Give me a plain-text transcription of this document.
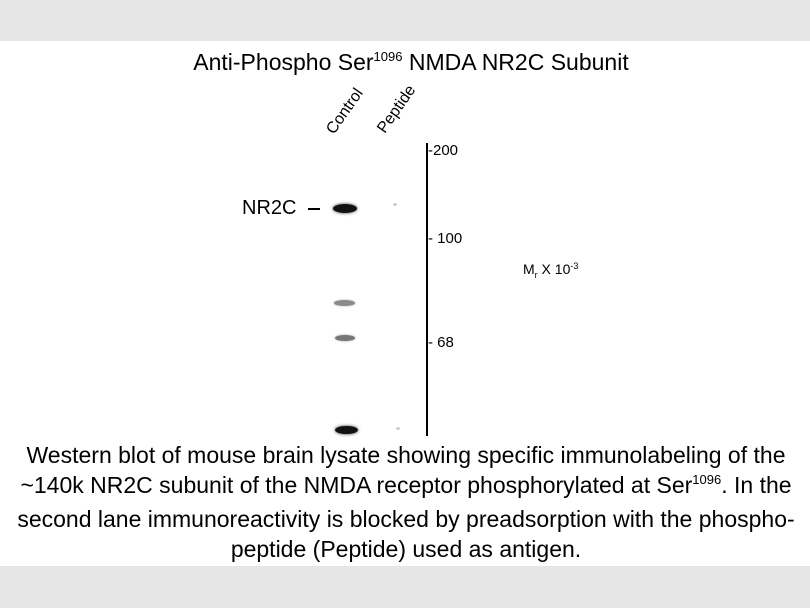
Anti-Phospho Ser$^{1096}$ NMDA NR2C Subunit
Control Peptide
NR2C
-200
- 100
- 68
$M_r$ X $10^{-3}$
Western blot of mouse brain lysate showing specific immunolabeling of the ~140k NR2C subunit of the NMDA receptor phosphorylated at Ser$^{1096}$. In the second lane immunoreactivity is blocked by preadsorption with the phospho-peptide (Peptide) used as antigen.
